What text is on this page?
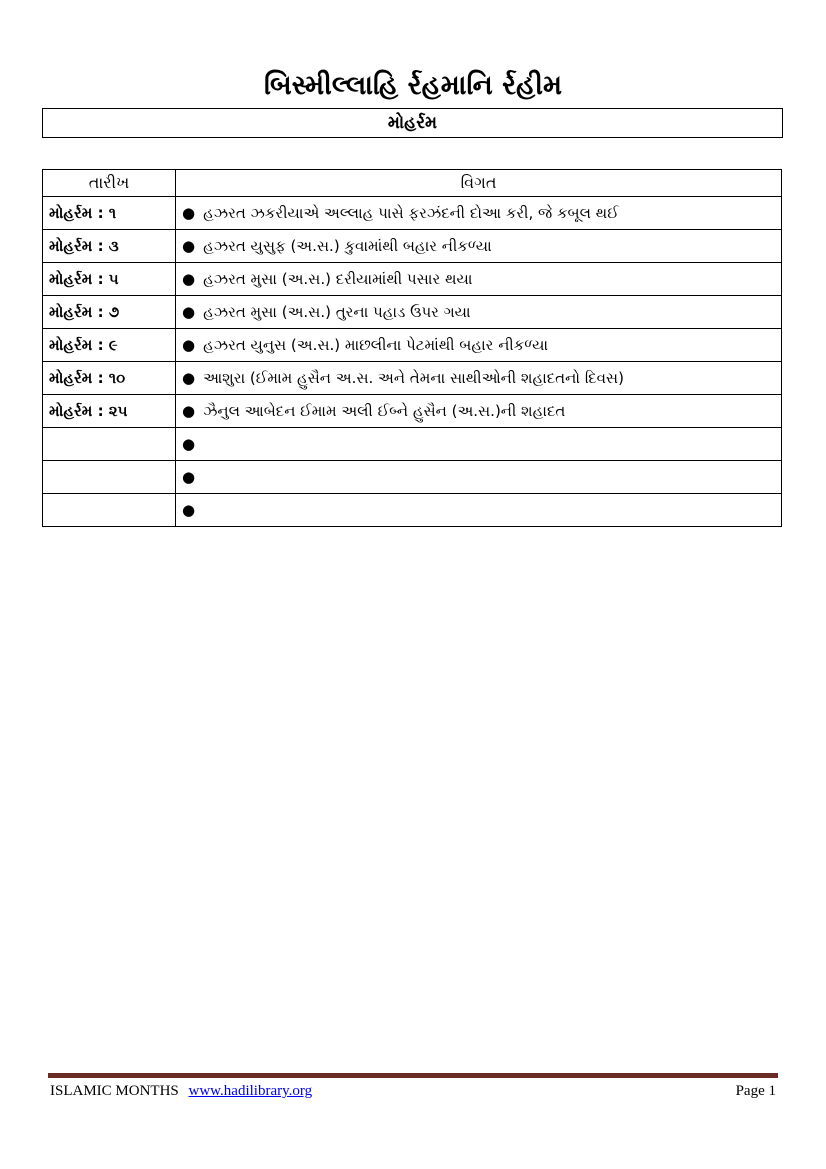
બિસ્મીલ્લાહિ ર્રહમાનિ ર્રહીમ
મોહર્રમ
તારીખ	વિગત
મોહર્રમ : ૧	● હઝરત ઝકરીયાએ અલ્લાહ પાસે ફરઝંદની દોઆ કરી, જે કબૂલ થઈ
મોહર્રમ : ૩	● હઝરત યુસુફ (અ.સ.) કુવામાંથી બહાર નીકળ્યા
મોહર્રમ : ૫	● હઝરત મુસા (અ.સ.) દરીયામાંથી પસાર થયા
મોહર્રમ : ૭	● હઝરત મુસા (અ.સ.) તુરના પહાડ ઉપર ગયા
મોહર્રમ : ૯	● હઝરત યુનુસ (અ.સ.) માછલીના પેટમાંથી બહાર નીકળ્યા
મોહર્રમ : ૧૦	● આશુરા (ઈમામ હુસૈન અ.સ. અને તેમના સાથીઓની શહાદતનો દિવસ)
મોહર્રમ : ૨૫	● ઝૈનુલ આબેદન ઈમામ અલી ઈબ્ને હુસૈન (અ.સ.)ની શહાદત
	●
	●
	●
ISLAMIC MONTHS www.hadilibrary.org	Page 1
